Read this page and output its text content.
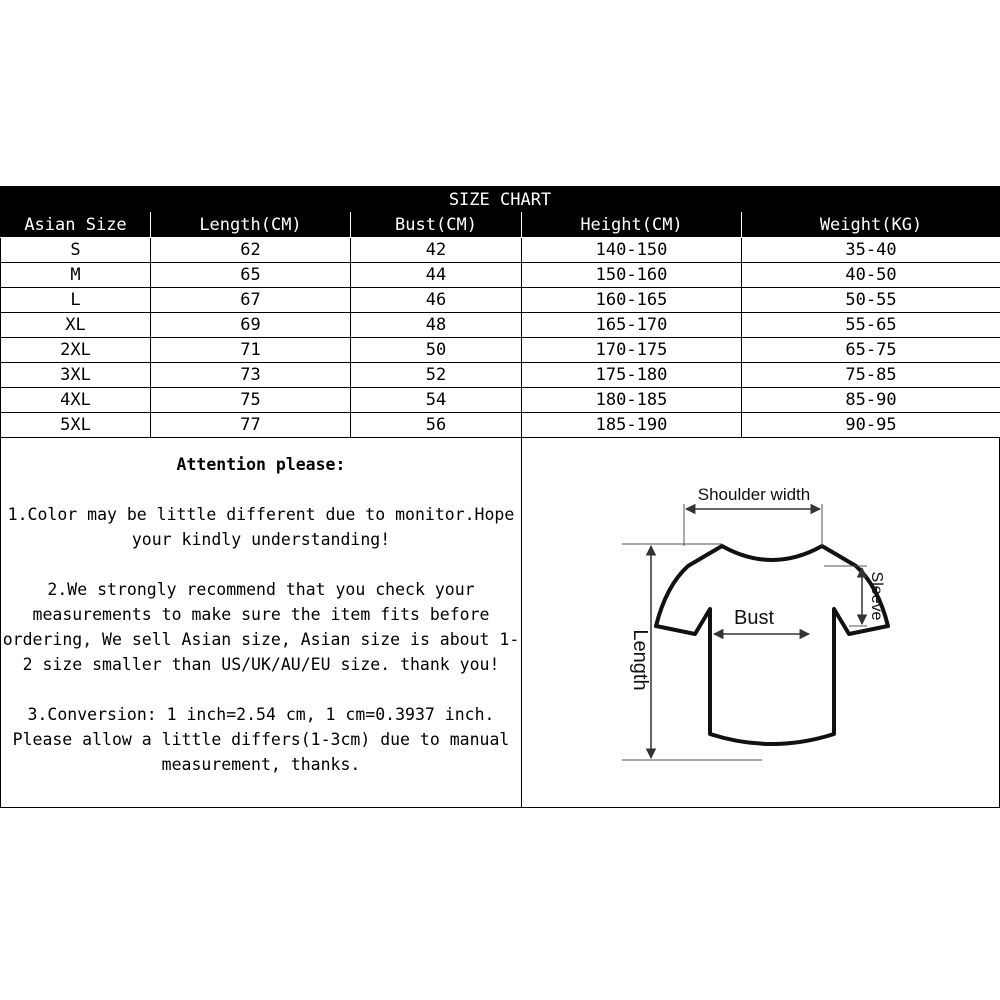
SIZE CHART
Asian Size	Length(CM)	Bust(CM)	Height(CM)	Weight(KG)
S	62	42	140-150	35-40
M	65	44	150-160	40-50
L	67	46	160-165	50-55
XL	69	48	165-170	55-65
2XL	71	50	170-175	65-75
3XL	73	52	175-180	75-85
4XL	75	54	180-185	85-90
5XL	77	56	185-190	90-95
Attention please:

1.Color may be little different due to monitor.Hope your kindly understanding!

2.We strongly recommend that you check your measurements to make sure the item fits before ordering, We sell Asian size, Asian size is about 1-2 size smaller than US/UK/AU/EU size. thank you!

3.Conversion: 1 inch=2.54 cm, 1 cm=0.3937 inch. Please allow a little differs(1-3cm) due to manual measurement, thanks.

Shoulder width
Bust	Sleeve
Length
